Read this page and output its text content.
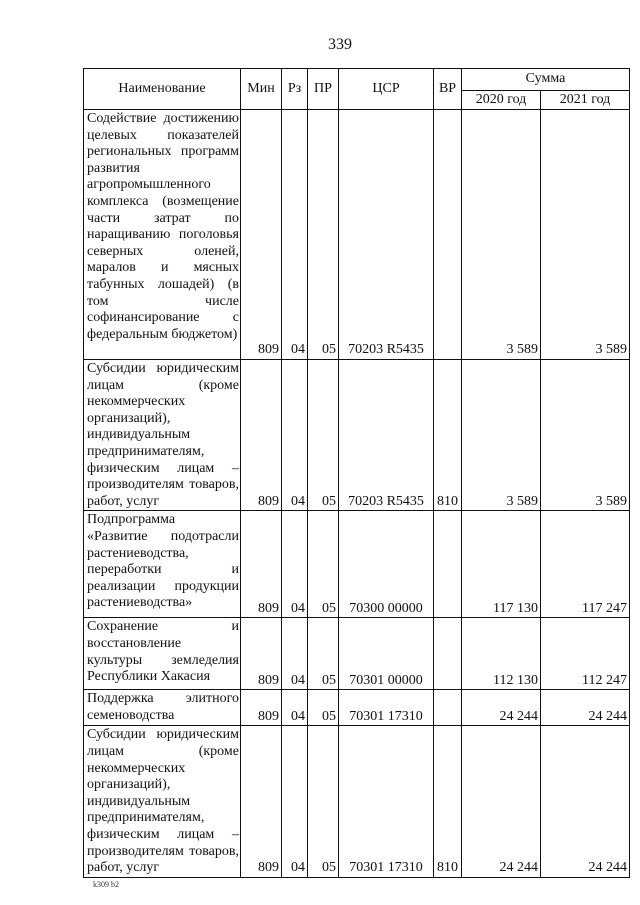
339
Наименование	Мин	Рз	ПР	ЦСР	ВР	Сумма	
						2020 год	2021 год
Содействие достижению целевых показателей региональных программ развития агропромышленного комплекса (возмещение части затрат по наращиванию поголовья северных оленей, маралов и мясных табунных лошадей) (в том числе софинансирование с федеральным бюджетом)	809	04	05	70203 R5435		3 589	3 589
Субсидии юридическим лицам (кроме некоммерческих организаций), индивидуальным предпринимателям, физическим лицам – производителям товаров, работ, услуг	809	04	05	70203 R5435	810	3 589	3 589
Подпрограмма «Развитие подотрасли растениеводства, переработки и реализации продукции растениеводства»	809	04	05	70300 00000		117 130	117 247
Сохранение и восстановление культуры земледелия Республики Хакасия	809	04	05	70301 00000		112 130	112 247
Поддержка элитного семеноводства	809	04	05	70301 17310		24 244	24 244
Субсидии юридическим лицам (кроме некоммерческих организаций), индивидуальным предпринимателям, физическим лицам – производителям товаров, работ, услуг	809	04	05	70301 17310	810	24 244	24 244
k309 b2
